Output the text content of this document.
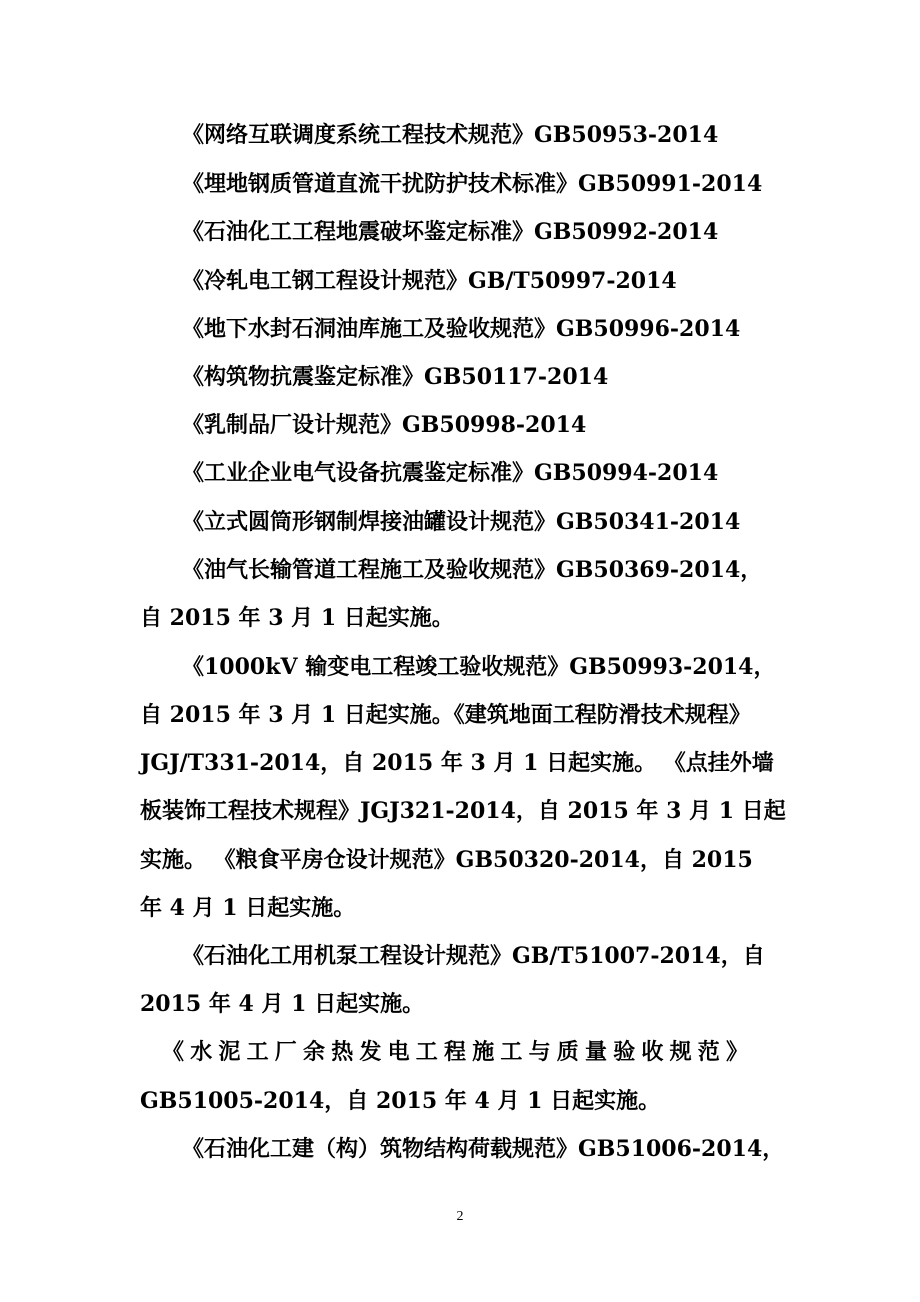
《网络互联调度系统工程技术规范》GB50953-2014
《埋地钢质管道直流干扰防护技术标准》GB50991-2014
《石油化工工程地震破坏鉴定标准》GB50992-2014
《冷轧电工钢工程设计规范》GB/T50997-2014
《地下水封石洞油库施工及验收规范》GB50996-2014
《构筑物抗震鉴定标准》GB50117-2014
《乳制品厂设计规范》GB50998-2014
《工业企业电气设备抗震鉴定标准》GB50994-2014
《立式圆筒形钢制焊接油罐设计规范》GB50341-2014
《油气长输管道工程施工及验收规范》GB50369-2014，
自 2015 年 3 月 1 日起实施。
《1000kV 输变电工程竣工验收规范》GB50993-2014，
自 2015 年 3 月 1 日起实施。《建筑地面工程防滑技术规程》
JGJ/T331-2014，自 2015 年 3 月 1 日起实施。 《点挂外墙
板装饰工程技术规程》JGJ321-2014，自 2015 年 3 月 1 日起
实施。 《粮食平房仓设计规范》GB50320-2014，自 2015
年 4 月 1 日起实施。
《石油化工用机泵工程设计规范》GB/T51007-2014，自
2015 年 4 月 1 日起实施。
《水泥工厂余热发电工程施工与质量验收规范》
GB51005-2014，自 2015 年 4 月 1 日起实施。
《石油化工建（构）筑物结构荷载规范》GB51006-2014，
2
